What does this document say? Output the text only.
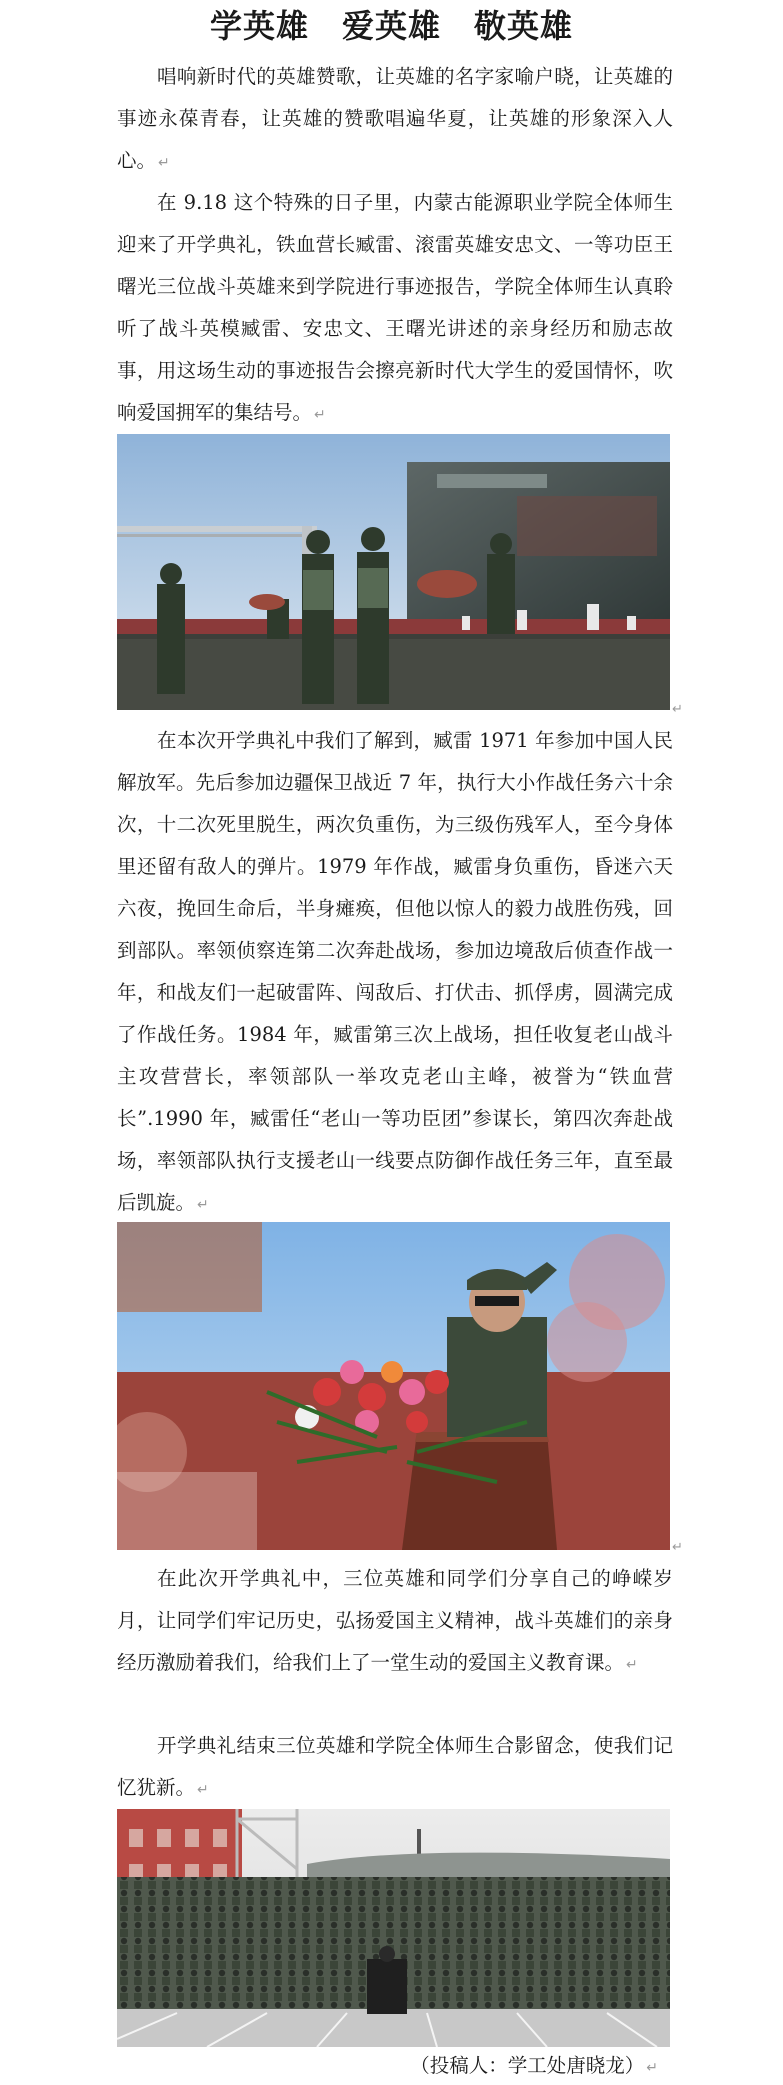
学英雄　爱英雄　敬英雄

唱响新时代的英雄赞歌，让英雄的名字家喻户晓，让英雄的事迹永葆青春，让英雄的赞歌唱遍华夏，让英雄的形象深入人心。 ↵

在 9.18 这个特殊的日子里，内蒙古能源职业学院全体师生迎来了开学典礼，铁血营长臧雷、滚雷英雄安忠文、一等功臣王曙光三位战斗英雄来到学院进行事迹报告，学院全体师生认真聆听了战斗英模臧雷、安忠文、王曙光讲述的亲身经历和励志故事，用这场生动的事迹报告会擦亮新时代大学生的爱国情怀，吹响爱国拥军的集结号。 ↵

↵

在本次开学典礼中我们了解到，臧雷 1971 年参加中国人民解放军。先后参加边疆保卫战近 7 年，执行大小作战任务六十余次，十二次死里脱生，两次负重伤，为三级伤残军人，至今身体里还留有敌人的弹片。1979 年作战，臧雷身负重伤，昏迷六天六夜，挽回生命后，半身瘫痪，但他以惊人的毅力战胜伤残，回到部队。率领侦察连第二次奔赴战场，参加边境敌后侦查作战一年，和战友们一起破雷阵、闯敌后、打伏击、抓俘虏，圆满完成了作战任务。1984 年，臧雷第三次上战场，担任收复老山战斗主攻营营长，率领部队一举攻克老山主峰，被誉为“铁血营长”.1990 年，臧雷任“老山一等功臣团”参谋长，第四次奔赴战场，率领部队执行支援老山一线要点防御作战任务三年，直至最后凯旋。 ↵

↵

在此次开学典礼中，三位英雄和同学们分享自己的峥嵘岁月，让同学们牢记历史，弘扬爱国主义精神，战斗英雄们的亲身经历激励着我们，给我们上了一堂生动的爱国主义教育课。 ↵

开学典礼结束三位英雄和学院全体师生合影留念，使我们记忆犹新。 ↵

（投稿人：学工处唐晓龙） ↵
